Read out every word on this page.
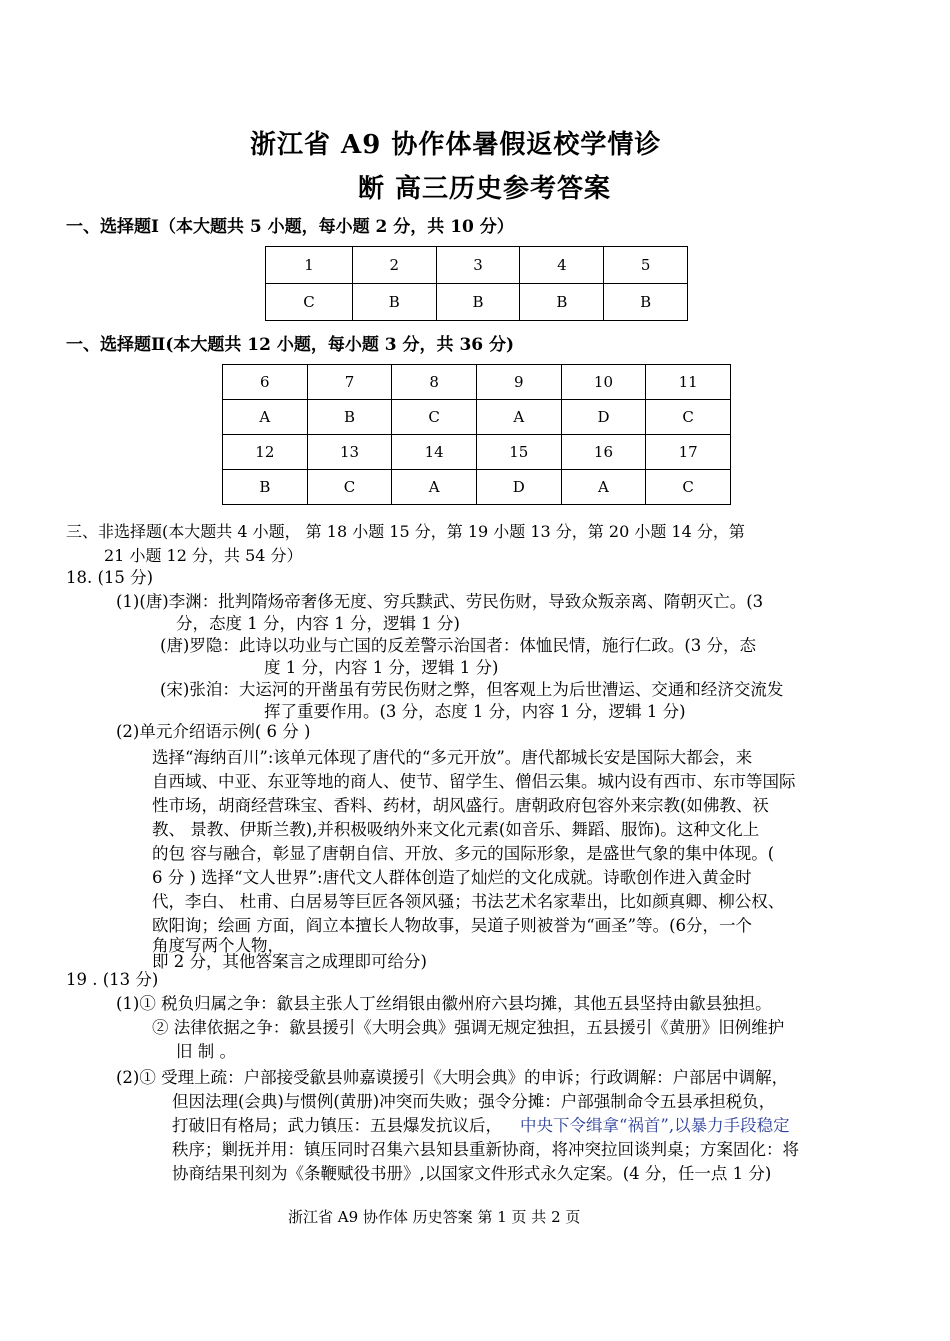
浙江省 A9 协作体暑假返校学情诊
断 高三历史参考答案
一、选择题Ⅰ（本大题共 5 小题，每小题 2 分，共 10 分）
1	2	3	4	5
C	B	B	B	B
一、选择题Ⅱ(本大题共 12 小题，每小题 3 分，共 36 分)
6	7	8	9	10	11
A	B	C	A	D	C
12	13	14	15	16	17
B	C	A	D	A	C
三、非选择题(本大题共 4 小题， 第 18 小题 15 分，第 19 小题 13 分，第 20 小题 14 分，第
21 小题 12 分，共 54 分）
18. (15 分)
(1)(唐)李渊：批判隋炀帝奢侈无度、穷兵黩武、劳民伤财，导致众叛亲离、隋朝灭亡。(3
分，态度 1 分，内容 1 分，逻辑 1 分)
(唐)罗隐：此诗以功业与亡国的反差警示治国者：体恤民情，施行仁政。(3 分，态
度 1 分，内容 1 分，逻辑 1 分)
(宋)张洎：大运河的开凿虽有劳民伤财之弊，但客观上为后世漕运、交通和经济交流发
挥了重要作用。(3 分，态度 1 分，内容 1 分，逻辑 1 分)
(2)单元介绍语示例( 6 分 )
选择“海纳百川”:该单元体现了唐代的“多元开放”。唐代都城长安是国际大都会，来
自西域、中亚、东亚等地的商人、使节、留学生、僧侣云集。城内设有西市、东市等国际
性市场，胡商经营珠宝、香料、药材，胡风盛行。唐朝政府包容外来宗教(如佛教、祆
教、 景教、伊斯兰教),并积极吸纳外来文化元素(如音乐、舞蹈、服饰)。这种文化上
的包 容与融合，彰显了唐朝自信、开放、多元的国际形象，是盛世气象的集中体现。(
6 分 ) 选择“文人世界”:唐代文人群体创造了灿烂的文化成就。诗歌创作进入黄金时
代，李白、 杜甫、白居易等巨匠各领风骚；书法艺术名家辈出，比如颜真卿、柳公权、
欧阳询；绘画 方面，阎立本擅长人物故事，吴道子则被誉为“画圣”等。(6分，一个
角度写两个人物，
即 2 分，其他答案言之成理即可给分)
19 . (13 分)
(1)① 税负归属之争：歙县主张人丁丝绢银由徽州府六县均摊，其他五县坚持由歙县独担。
② 法律依据之争：歙县援引《大明会典》强调无规定独担，五县援引《黄册》旧例维护
旧 制 。
(2)① 受理上疏：户部接受歙县帅嘉谟援引《大明会典》的申诉；行政调解：户部居中调解，
但因法理(会典)与惯例(黄册)冲突而失败；强令分摊：户部强制命令五县承担税负，
打破旧有格局；武力镇压：五县爆发抗议后， 中央下令缉拿“祸首”,以暴力手段稳定
秩序；剿抚并用：镇压同时召集六县知县重新协商，将冲突拉回谈判桌；方案固化：将
协商结果刊刻为《条鞭赋役书册》,以国家文件形式永久定案。(4 分，任一点 1 分)
浙江省 A9 协作体 历史答案 第 1 页 共 2 页
